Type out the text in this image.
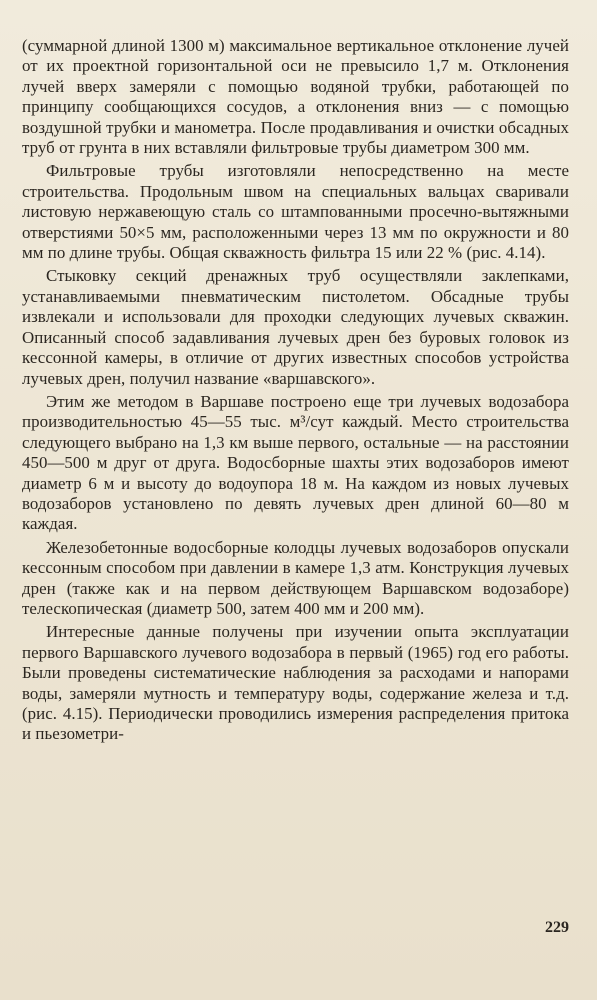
(суммарной длиной 1300 м) максимальное вертикальное отклонение лучей от их проектной горизонтальной оси не превысило 1,7 м. Отклонения лучей вверх замеряли с помощью водяной трубки, работающей по принципу сообщающихся сосудов, а отклонения вниз — с помощью воздушной трубки и манометра. После продавливания и очистки обсадных труб от грунта в них вставляли фильтровые трубы диаметром 300 мм.

Фильтровые трубы изготовляли непосредственно на месте строительства. Продольным швом на специальных вальцах сваривали листовую нержавеющую сталь со штампованными просечно-вытяжными отверстиями 50×5 мм, расположенными через 13 мм по окружности и 80 мм по длине трубы. Общая скважность фильтра 15 или 22 % (рис. 4.14).

Стыковку секций дренажных труб осуществляли заклепками, устанавливаемыми пневматическим пистолетом. Обсадные трубы извлекали и использовали для проходки следующих лучевых скважин. Описанный способ задавливания лучевых дрен без буровых головок из кессонной камеры, в отличие от других известных способов устройства лучевых дрен, получил название «варшавского».

Этим же методом в Варшаве построено еще три лучевых водозабора производительностью 45—55 тыс. м³/сут каждый. Место строительства следующего выбрано на 1,3 км выше первого, остальные — на расстоянии 450—500 м друг от друга. Водосборные шахты этих водозаборов имеют диаметр 6 м и высоту до водоупора 18 м. На каждом из новых лучевых водозаборов установлено по девять лучевых дрен длиной 60—80 м каждая.

Железобетонные водосборные колодцы лучевых водозаборов опускали кессонным способом при давлении в камере 1,3 атм. Конструкция лучевых дрен (также как и на первом действующем Варшавском водозаборе) телескопическая (диаметр 500, затем 400 мм и 200 мм).

Интересные данные получены при изучении опыта эксплуатации первого Варшавского лучевого водозабора в первый (1965) год его работы. Были проведены систематические наблюдения за расходами и напорами воды, замеряли мутность и температуру воды, содержание железа и т.д. (рис. 4.15). Периодически проводились измерения распределения притока и пьезометри-

229
